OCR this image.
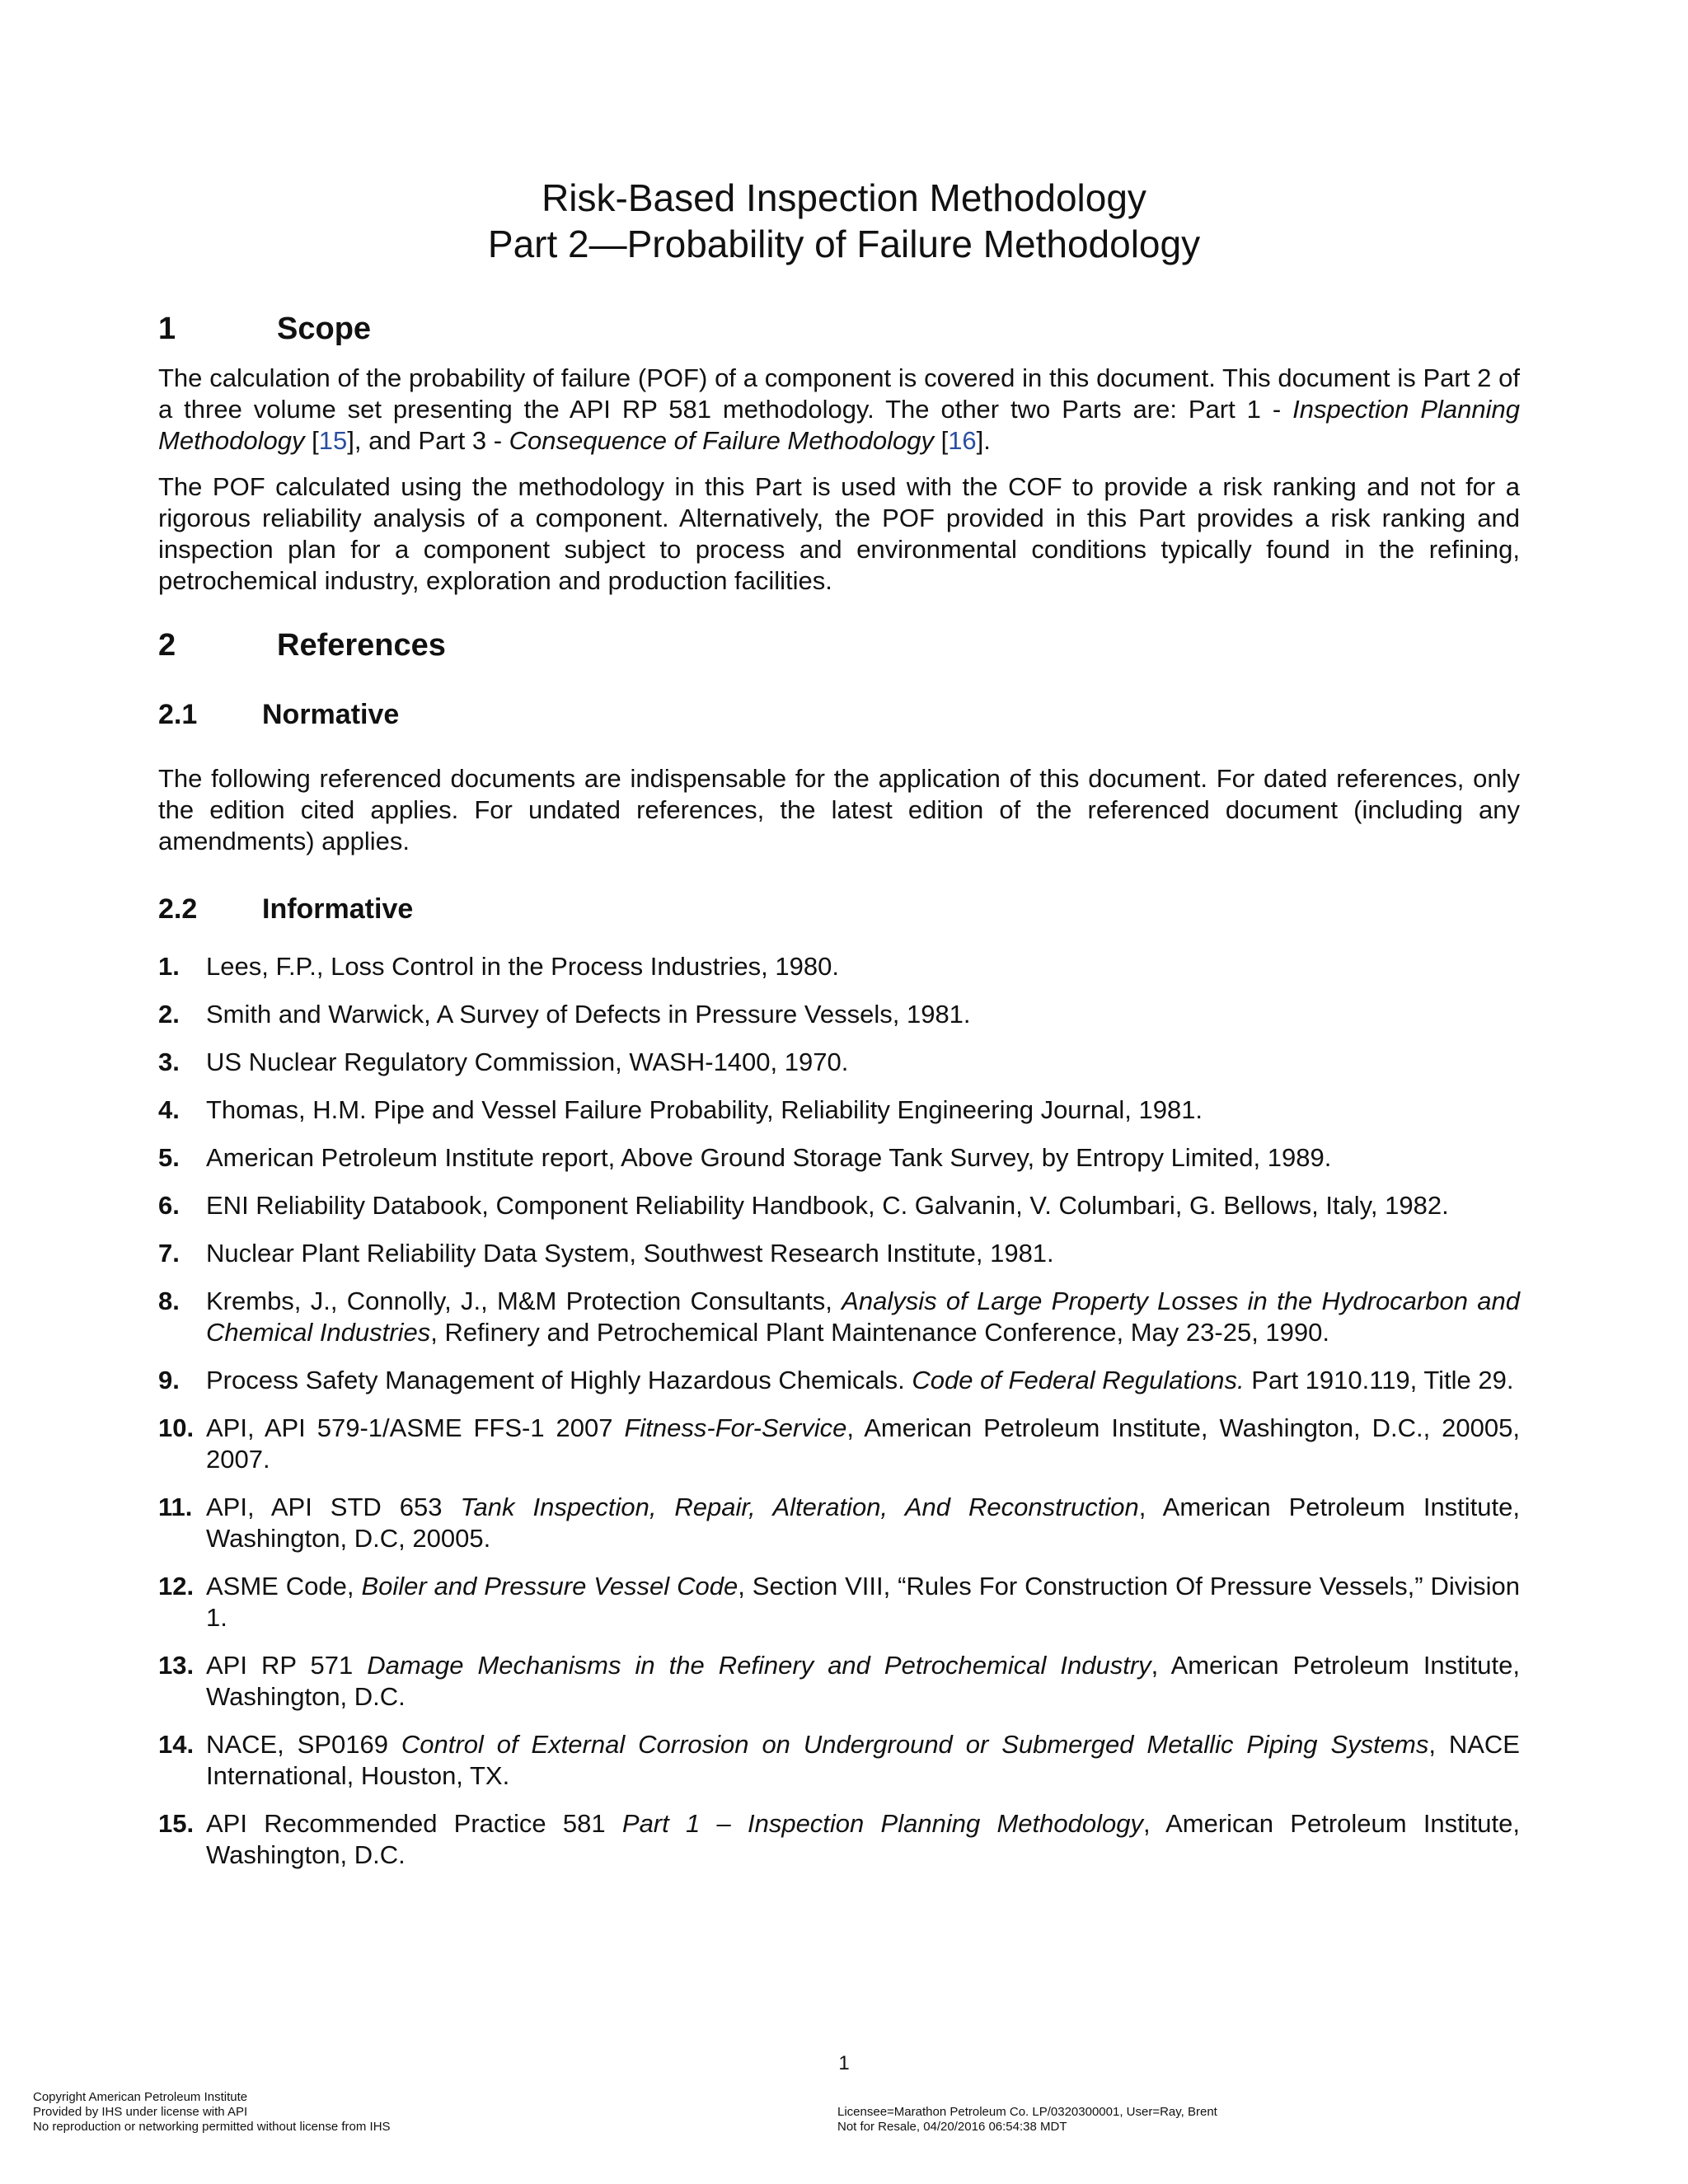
Risk-Based Inspection Methodology
Part 2—Probability of Failure Methodology
1	Scope

The calculation of the probability of failure (POF) of a component is covered in this document. This document is Part 2 of a three volume set presenting the API RP 581 methodology. The other two Parts are: Part 1 - Inspection Planning Methodology [15], and Part 3 - Consequence of Failure Methodology [16].

The POF calculated using the methodology in this Part is used with the COF to provide a risk ranking and not for a rigorous reliability analysis of a component. Alternatively, the POF provided in this Part provides a risk ranking and inspection plan for a component subject to process and environmental conditions typically found in the refining, petrochemical industry, exploration and production facilities.

2	References
2.1	Normative

The following referenced documents are indispensable for the application of this document. For dated references, only the edition cited applies. For undated references, the latest edition of the referenced document (including any amendments) applies.

2.2	Informative
1.	Lees, F.P., Loss Control in the Process Industries, 1980.
2.	Smith and Warwick, A Survey of Defects in Pressure Vessels, 1981.
3.	US Nuclear Regulatory Commission, WASH-1400, 1970.
4.	Thomas, H.M. Pipe and Vessel Failure Probability, Reliability Engineering Journal, 1981.
5.	American Petroleum Institute report, Above Ground Storage Tank Survey, by Entropy Limited, 1989.
6.	ENI Reliability Databook, Component Reliability Handbook, C. Galvanin, V. Columbari, G. Bellows, Italy, 1982.
7.	Nuclear Plant Reliability Data System, Southwest Research Institute, 1981.
8.	Krembs, J., Connolly, J., M&M Protection Consultants, Analysis of Large Property Losses in the Hydrocarbon and Chemical Industries, Refinery and Petrochemical Plant Maintenance Conference, May 23-25, 1990.
9.	Process Safety Management of Highly Hazardous Chemicals. Code of Federal Regulations. Part 1910.119, Title 29.
10. API, API 579-1/ASME FFS-1 2007 Fitness-For-Service, American Petroleum Institute, Washington, D.C., 20005, 2007.
11. API, API STD 653 Tank Inspection, Repair, Alteration, And Reconstruction, American Petroleum Institute, Washington, D.C, 20005.
12. ASME Code, Boiler and Pressure Vessel Code, Section VIII, “Rules For Construction Of Pressure Vessels,” Division 1.
13. API RP 571 Damage Mechanisms in the Refinery and Petrochemical Industry, American Petroleum Institute, Washington, D.C.
14. NACE, SP0169 Control of External Corrosion on Underground or Submerged Metallic Piping Systems, NACE International, Houston, TX.
15. API Recommended Practice 581 Part 1 – Inspection Planning Methodology, American Petroleum Institute, Washington, D.C.
1
Copyright American Petroleum Institute
Provided by IHS under license with API
No reproduction or networking permitted without license from IHS
Licensee=Marathon Petroleum Co. LP/0320300001, User=Ray, Brent
Not for Resale, 04/20/2016 06:54:38 MDT
